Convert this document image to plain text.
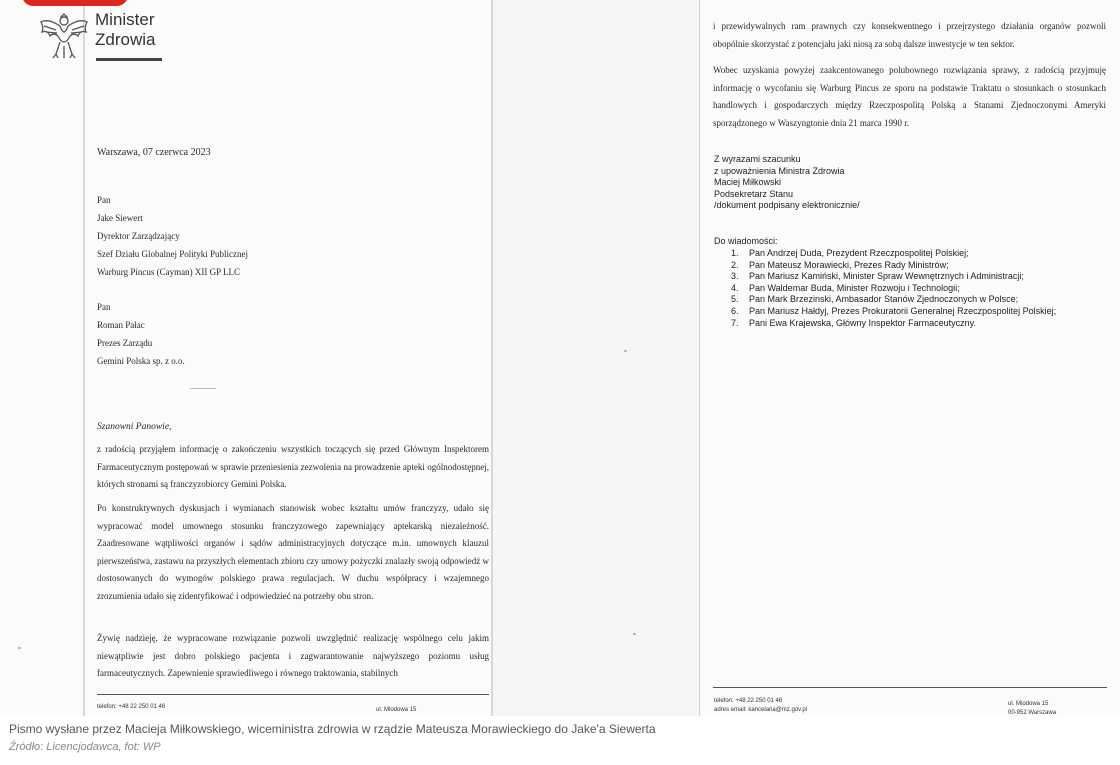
Minister
Zdrowia
Warszawa, 07 czerwca 2023
Pan
Jake Siewert
Dyrektor Zarządzający
Szef Działu Globalnej Polityki Publicznej
Warburg Pincus (Cayman) XII GP LLC
Pan
Roman Pałac
Prezes Zarządu
Gemini Polska sp. z o.o.
Szanowni Panowie,
z radością przyjąłem informację o zakończeniu wszystkich toczących się przed Głównym Inspektorem Farmaceutycznym postępowań w sprawie przeniesienia zezwolenia na prowadzenie apteki ogólnodostępnej, których stronami są franczyzobiorcy Gemini Polska.
Po konstruktywnych dyskusjach i wymianach stanowisk wobec kształtu umów franczyzy, udało się wypracować model umownego stosunku franczyzowego zapewniający aptekarską niezależność. Zaadresowane wątpliwości organów i sądów administracyjnych dotyczące m.in. umownych klauzul pierwszeństwa, zastawu na przyszłych elementach zbioru czy umowy pożyczki znalazły swoją odpowiedź w dostosowanych do wymogów polskiego prawa regulacjach. W duchu współpracy i wzajemnego zrozumienia udało się zidentyfikować i odpowiedzieć na potrzeby obu stron.
Żywię nadzieję, że wypracowane rozwiązanie pozwoli uwzględnić realizację wspólnego celu jakim niewątpliwie jest dobro polskiego pacjenta i zagwarantowanie najwyższego poziomu usług farmaceutycznych. Zapewnienie sprawiedliwego i równego traktowania, stabilnych
telefon: +48 22 250 01 46	ul. Miodowa 15
i przewidywalnych ram prawnych czy konsekwentnego i przejrzystego działania organów pozwoli obopólnie skorzystać z potencjału jaki niosą za sobą dalsze inwestycje w ten sektor.
Wobec uzyskania powyżej zaakcentowanego polubownego rozwiązania sprawy, z radością przyjmuję informację o wycofaniu się Warburg Pincus ze sporu na podstawie Traktatu o stosunkach o stosunkach handlowych i gospodarczych między Rzeczpospolitą Polską a Stanami Zjednoczonymi Ameryki sporządzonego w Waszyngtonie dnia 21 marca 1990 r.
Z wyrazami szacunku
z upoważnienia Ministra Zdrowia
Maciej Miłkowski
Podsekretarz Stanu
/dokument podpisany elektronicznie/
Do wiadomości:
1. Pan Andrzej Duda, Prezydent Rzeczpospolitej Polskiej;
2. Pan Mateusz Morawiecki, Prezes Rady Ministrów;
3. Pan Mariusz Kamiński, Minister Spraw Wewnętrznych i Administracji;
4. Pan Waldemar Buda, Minister Rozwoju i Technologii;
5. Pan Mark Brzezinski, Ambasador Stanów Zjednoczonych w Polsce;
6. Pan Mariusz Hałdyj, Prezes Prokuratorii Generalnej Rzeczpospolitej Polskiej;
7. Pani Ewa Krajewska, Główny Inspektor Farmaceutyczny.
telefon: +48 22 250 01 46
adres email: kancelaria@mz.gov.pl
ul. Miodowa 15
00-952 Warszawa
Pismo wysłane przez Macieja Miłkowskiego, wiceministra zdrowia w rządzie Mateusza Morawieckiego do Jake'a Siewerta
Źródło: Licencjodawca, fot: WP
